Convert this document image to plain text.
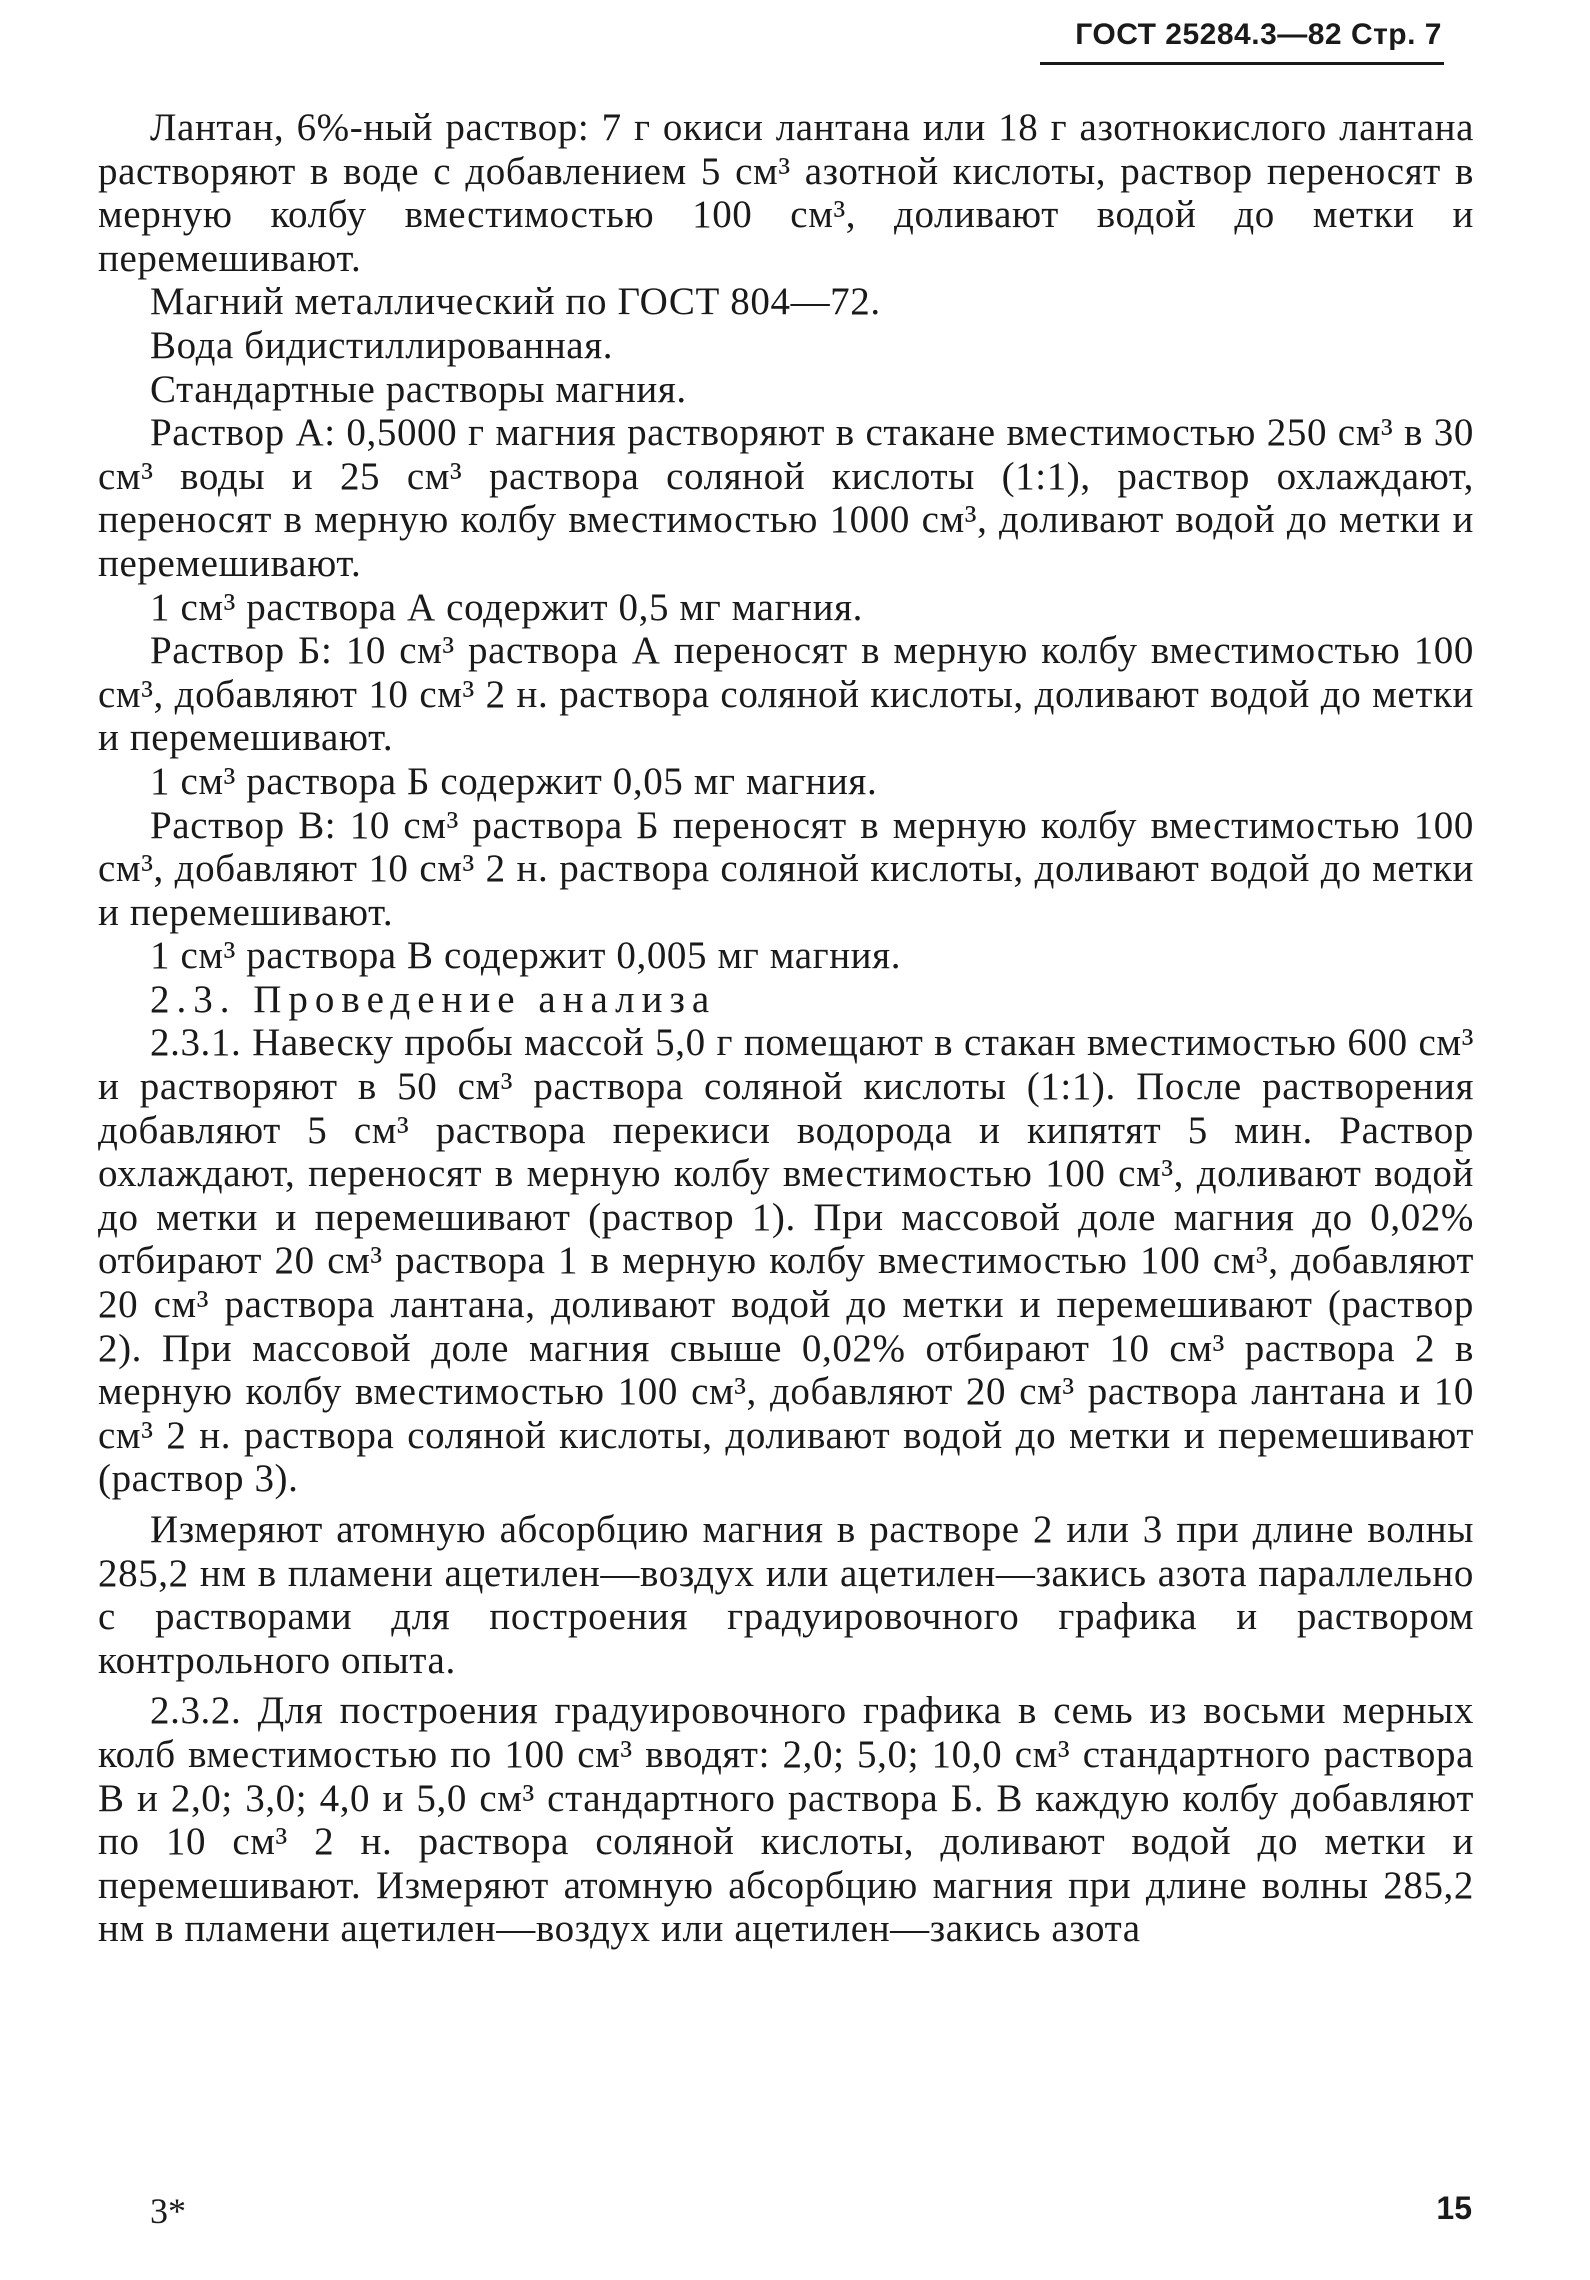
ГОСТ 25284.3—82 Стр. 7

Лантан, 6%-ный раствор: 7 г окиси лантана или 18 г азотнокислого лантана растворяют в воде с добавлением 5 см³ азотной кислоты, раствор переносят в мерную колбу вместимостью 100 см³, доливают водой до метки и перемешивают.

Магний металлический по ГОСТ 804—72.

Вода бидистиллированная.

Стандартные растворы магния.

Раствор А: 0,5000 г магния растворяют в стакане вместимостью 250 см³ в 30 см³ воды и 25 см³ раствора соляной кислоты (1:1), раствор охлаждают, переносят в мерную колбу вместимостью 1000 см³, доливают водой до метки и перемешивают.

1 см³ раствора А содержит 0,5 мг магния.

Раствор Б: 10 см³ раствора А переносят в мерную колбу вместимостью 100 см³, добавляют 10 см³ 2 н. раствора соляной кислоты, доливают водой до метки и перемешивают.

1 см³ раствора Б содержит 0,05 мг магния.

Раствор В: 10 см³ раствора Б переносят в мерную колбу вместимостью 100 см³, добавляют 10 см³ 2 н. раствора соляной кислоты, доливают водой до метки и перемешивают.

1 см³ раствора В содержит 0,005 мг магния.

2.3. Проведение анализа

2.3.1. Навеску пробы массой 5,0 г помещают в стакан вместимостью 600 см³ и растворяют в 50 см³ раствора соляной кислоты (1:1). После растворения добавляют 5 см³ раствора перекиси водорода и кипятят 5 мин. Раствор охлаждают, переносят в мерную колбу вместимостью 100 см³, доливают водой до метки и перемешивают (раствор 1). При массовой доле магния до 0,02% отбирают 20 см³ раствора 1 в мерную колбу вместимостью 100 см³, добавляют 20 см³ раствора лантана, доливают водой до метки и перемешивают (раствор 2). При массовой доле магния свыше 0,02% отбирают 10 см³ раствора 2 в мерную колбу вместимостью 100 см³, добавляют 20 см³ раствора лантана и 10 см³ 2 н. раствора соляной кислоты, доливают водой до метки и перемешивают (раствор 3).

Измеряют атомную абсорбцию магния в растворе 2 или 3 при длине волны 285,2 нм в пламени ацетилен—воздух или ацетилен—закись азота параллельно с растворами для построения градуировочного графика и раствором контрольного опыта.

2.3.2. Для построения градуировочного графика в семь из восьми мерных колб вместимостью по 100 см³ вводят: 2,0; 5,0; 10,0 см³ стандартного раствора В и 2,0; 3,0; 4,0 и 5,0 см³ стандартного раствора Б. В каждую колбу добавляют по 10 см³ 2 н. раствора соляной кислоты, доливают водой до метки и перемешивают. Измеряют атомную абсорбцию магния при длине волны 285,2 нм в пламени ацетилен—воздух или ацетилен—закись азота

3*	15
